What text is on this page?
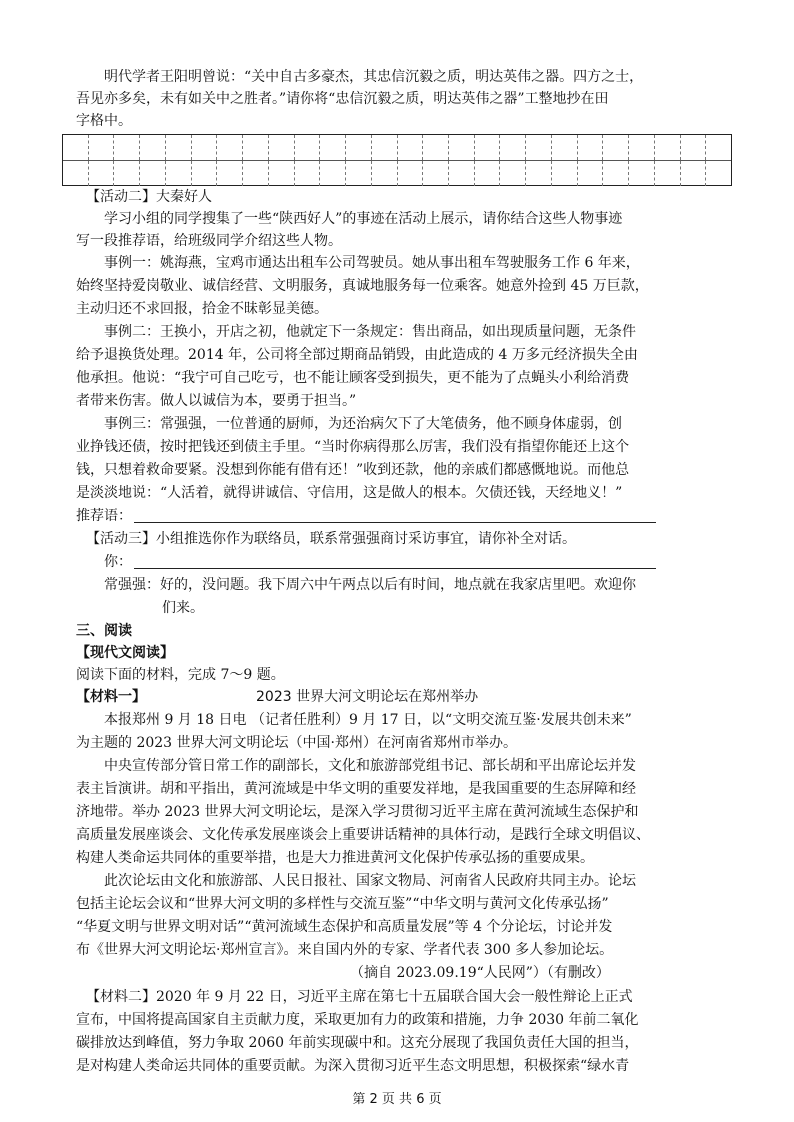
明代学者王阳明曾说：“关中自古多豪杰，其忠信沉毅之质，明达英伟之器。四方之士，
吾见亦多矣，未有如关中之胜者。”请你将“忠信沉毅之质，明达英伟之器”工整地抄在田
字格中。
【活动二】大秦好人
学习小组的同学搜集了一些“陕西好人”的事迹在活动上展示，请你结合这些人物事迹
写一段推荐语，给班级同学介绍这些人物。
事例一：姚海燕，宝鸡市通达出租车公司驾驶员。她从事出租车驾驶服务工作 6 年来，
始终坚持爱岗敬业、诚信经营、文明服务，真诚地服务每一位乘客。她意外捡到 45 万巨款，
主动归还不求回报，拾金不昧彰显美德。
事例二：王换小，开店之初，他就定下一条规定：售出商品，如出现质量问题，无条件
给予退换货处理。2014 年，公司将全部过期商品销毁，由此造成的 4 万多元经济损失全由
他承担。他说：“我宁可自己吃亏，也不能让顾客受到损失，更不能为了点蝇头小利给消费
者带来伤害。做人以诚信为本，要勇于担当。”
事例三：常强强，一位普通的厨师，为还治病欠下了大笔债务，他不顾身体虚弱，创
业挣钱还债，按时把钱还到债主手里。“当时你病得那么厉害，我们没有指望你能还上这个
钱，只想着救命要紧。没想到你能有借有还！”收到还款，他的亲戚们都感慨地说。而他总
是淡淡地说：“人活着，就得讲诚信、守信用，这是做人的根本。欠债还钱，天经地义！”
推荐语：
【活动三】小组推选你作为联络员，联系常强强商讨采访事宜，请你补全对话。
你：
常强强：好的，没问题。我下周六中午两点以后有时间，地点就在我家店里吧。欢迎你
们来。
三、阅读
【现代文阅读】
阅读下面的材料，完成 7～9 题。
【材料一】	2023 世界大河文明论坛在郑州举办
本报郑州 9 月 18 日电 （记者任胜利）9 月 17 日，以“文明交流互鉴·发展共创未来”
为主题的 2023 世界大河文明论坛（中国·郑州）在河南省郑州市举办。
中央宣传部分管日常工作的副部长，文化和旅游部党组书记、部长胡和平出席论坛并发
表主旨演讲。胡和平指出，黄河流域是中华文明的重要发祥地，是我国重要的生态屏障和经
济地带。举办 2023 世界大河文明论坛，是深入学习贯彻习近平主席在黄河流域生态保护和
高质量发展座谈会、文化传承发展座谈会上重要讲话精神的具体行动，是践行全球文明倡议、
构建人类命运共同体的重要举措，也是大力推进黄河文化保护传承弘扬的重要成果。
此次论坛由文化和旅游部、人民日报社、国家文物局、河南省人民政府共同主办。论坛
包括主论坛会议和“世界大河文明的多样性与交流互鉴”“中华文明与黄河文化传承弘扬”
“华夏文明与世界文明对话”“黄河流域生态保护和高质量发展”等 4 个分论坛，讨论并发
布《世界大河文明论坛·郑州宣言》。来自国内外的专家、学者代表 300 多人参加论坛。
（摘自 2023.09.19“人民网”）（有删改）
【材料二】2020 年 9 月 22 日，习近平主席在第七十五届联合国大会一般性辩论上正式
宣布，中国将提高国家自主贡献力度，采取更加有力的政策和措施，力争 2030 年前二氧化
碳排放达到峰值，努力争取 2060 年前实现碳中和。这充分展现了我国负责任大国的担当，
是对构建人类命运共同体的重要贡献。为深入贯彻习近平生态文明思想，积极探索“绿水青
第 2 页 共 6 页
